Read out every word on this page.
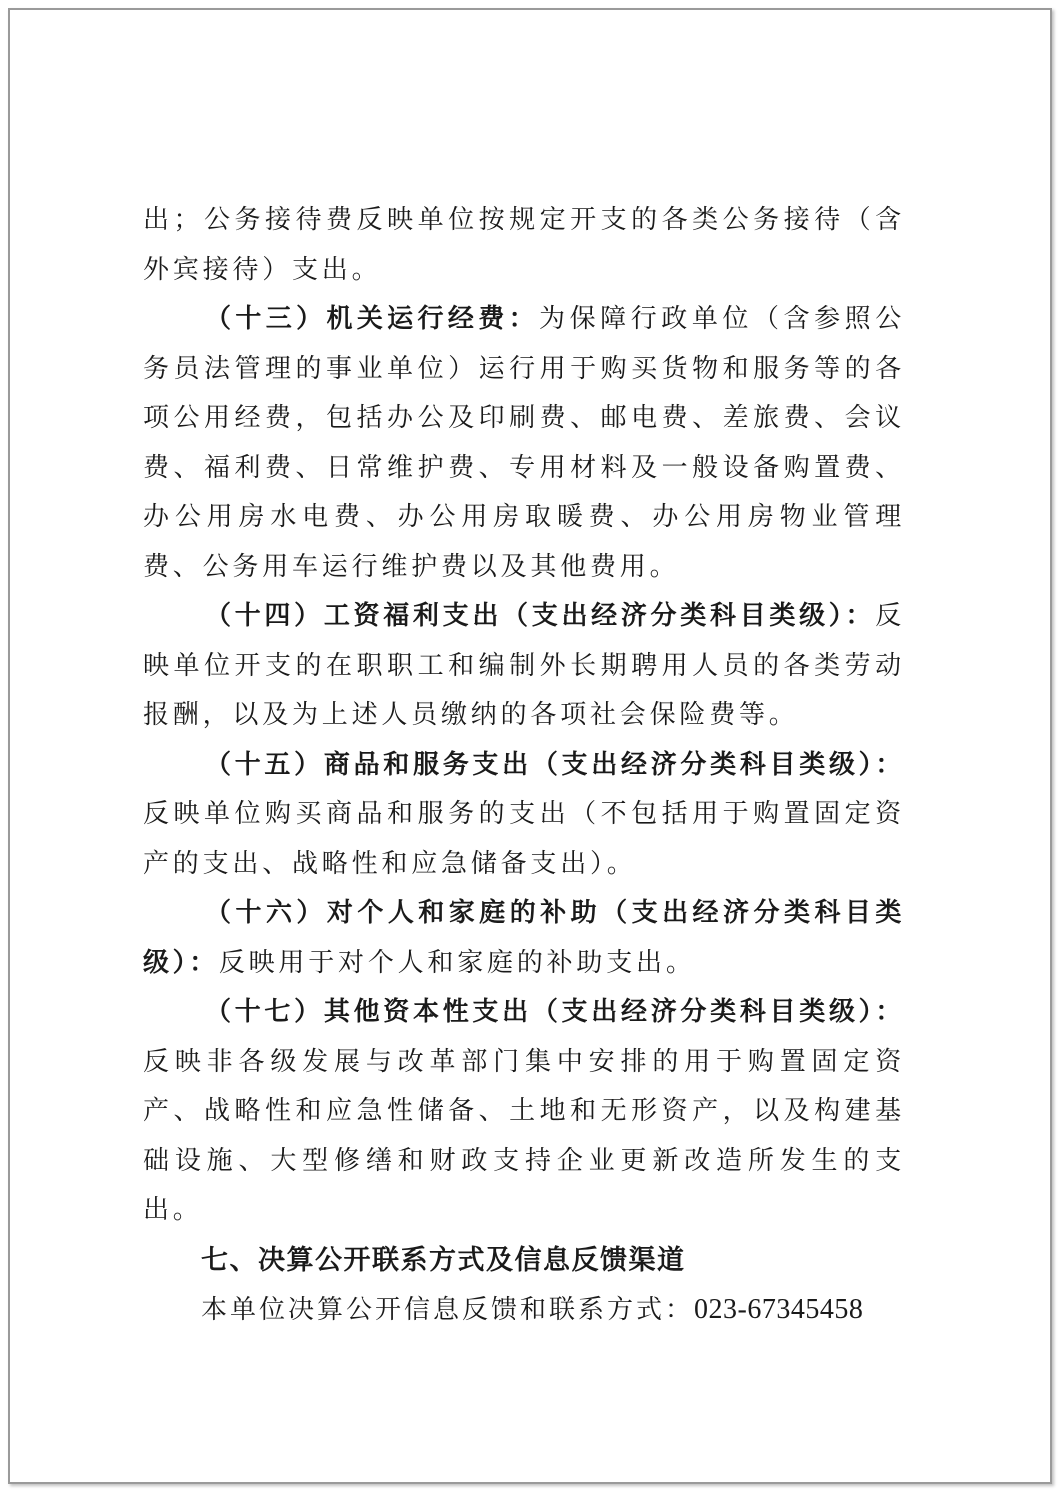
出；公务接待费反映单位按规定开支的各类公务接待（含外宾接待）支出。

（十三）机关运行经费：为保障行政单位（含参照公务员法管理的事业单位）运行用于购买货物和服务等的各项公用经费，包括办公及印刷费、邮电费、差旅费、会议费、福利费、日常维护费、专用材料及一般设备购置费、办公用房水电费、办公用房取暖费、办公用房物业管理费、公务用车运行维护费以及其他费用。

（十四）工资福利支出（支出经济分类科目类级）：反映单位开支的在职职工和编制外长期聘用人员的各类劳动报酬，以及为上述人员缴纳的各项社会保险费等。

（十五）商品和服务支出（支出经济分类科目类级）：反映单位购买商品和服务的支出（不包括用于购置固定资产的支出、战略性和应急储备支出）。

（十六）对个人和家庭的补助（支出经济分类科目类级）：反映用于对个人和家庭的补助支出。

（十七）其他资本性支出（支出经济分类科目类级）：反映非各级发展与改革部门集中安排的用于购置固定资产、战略性和应急性储备、土地和无形资产，以及构建基础设施、大型修缮和财政支持企业更新改造所发生的支出。

七、决算公开联系方式及信息反馈渠道

本单位决算公开信息反馈和联系方式：023-67345458
